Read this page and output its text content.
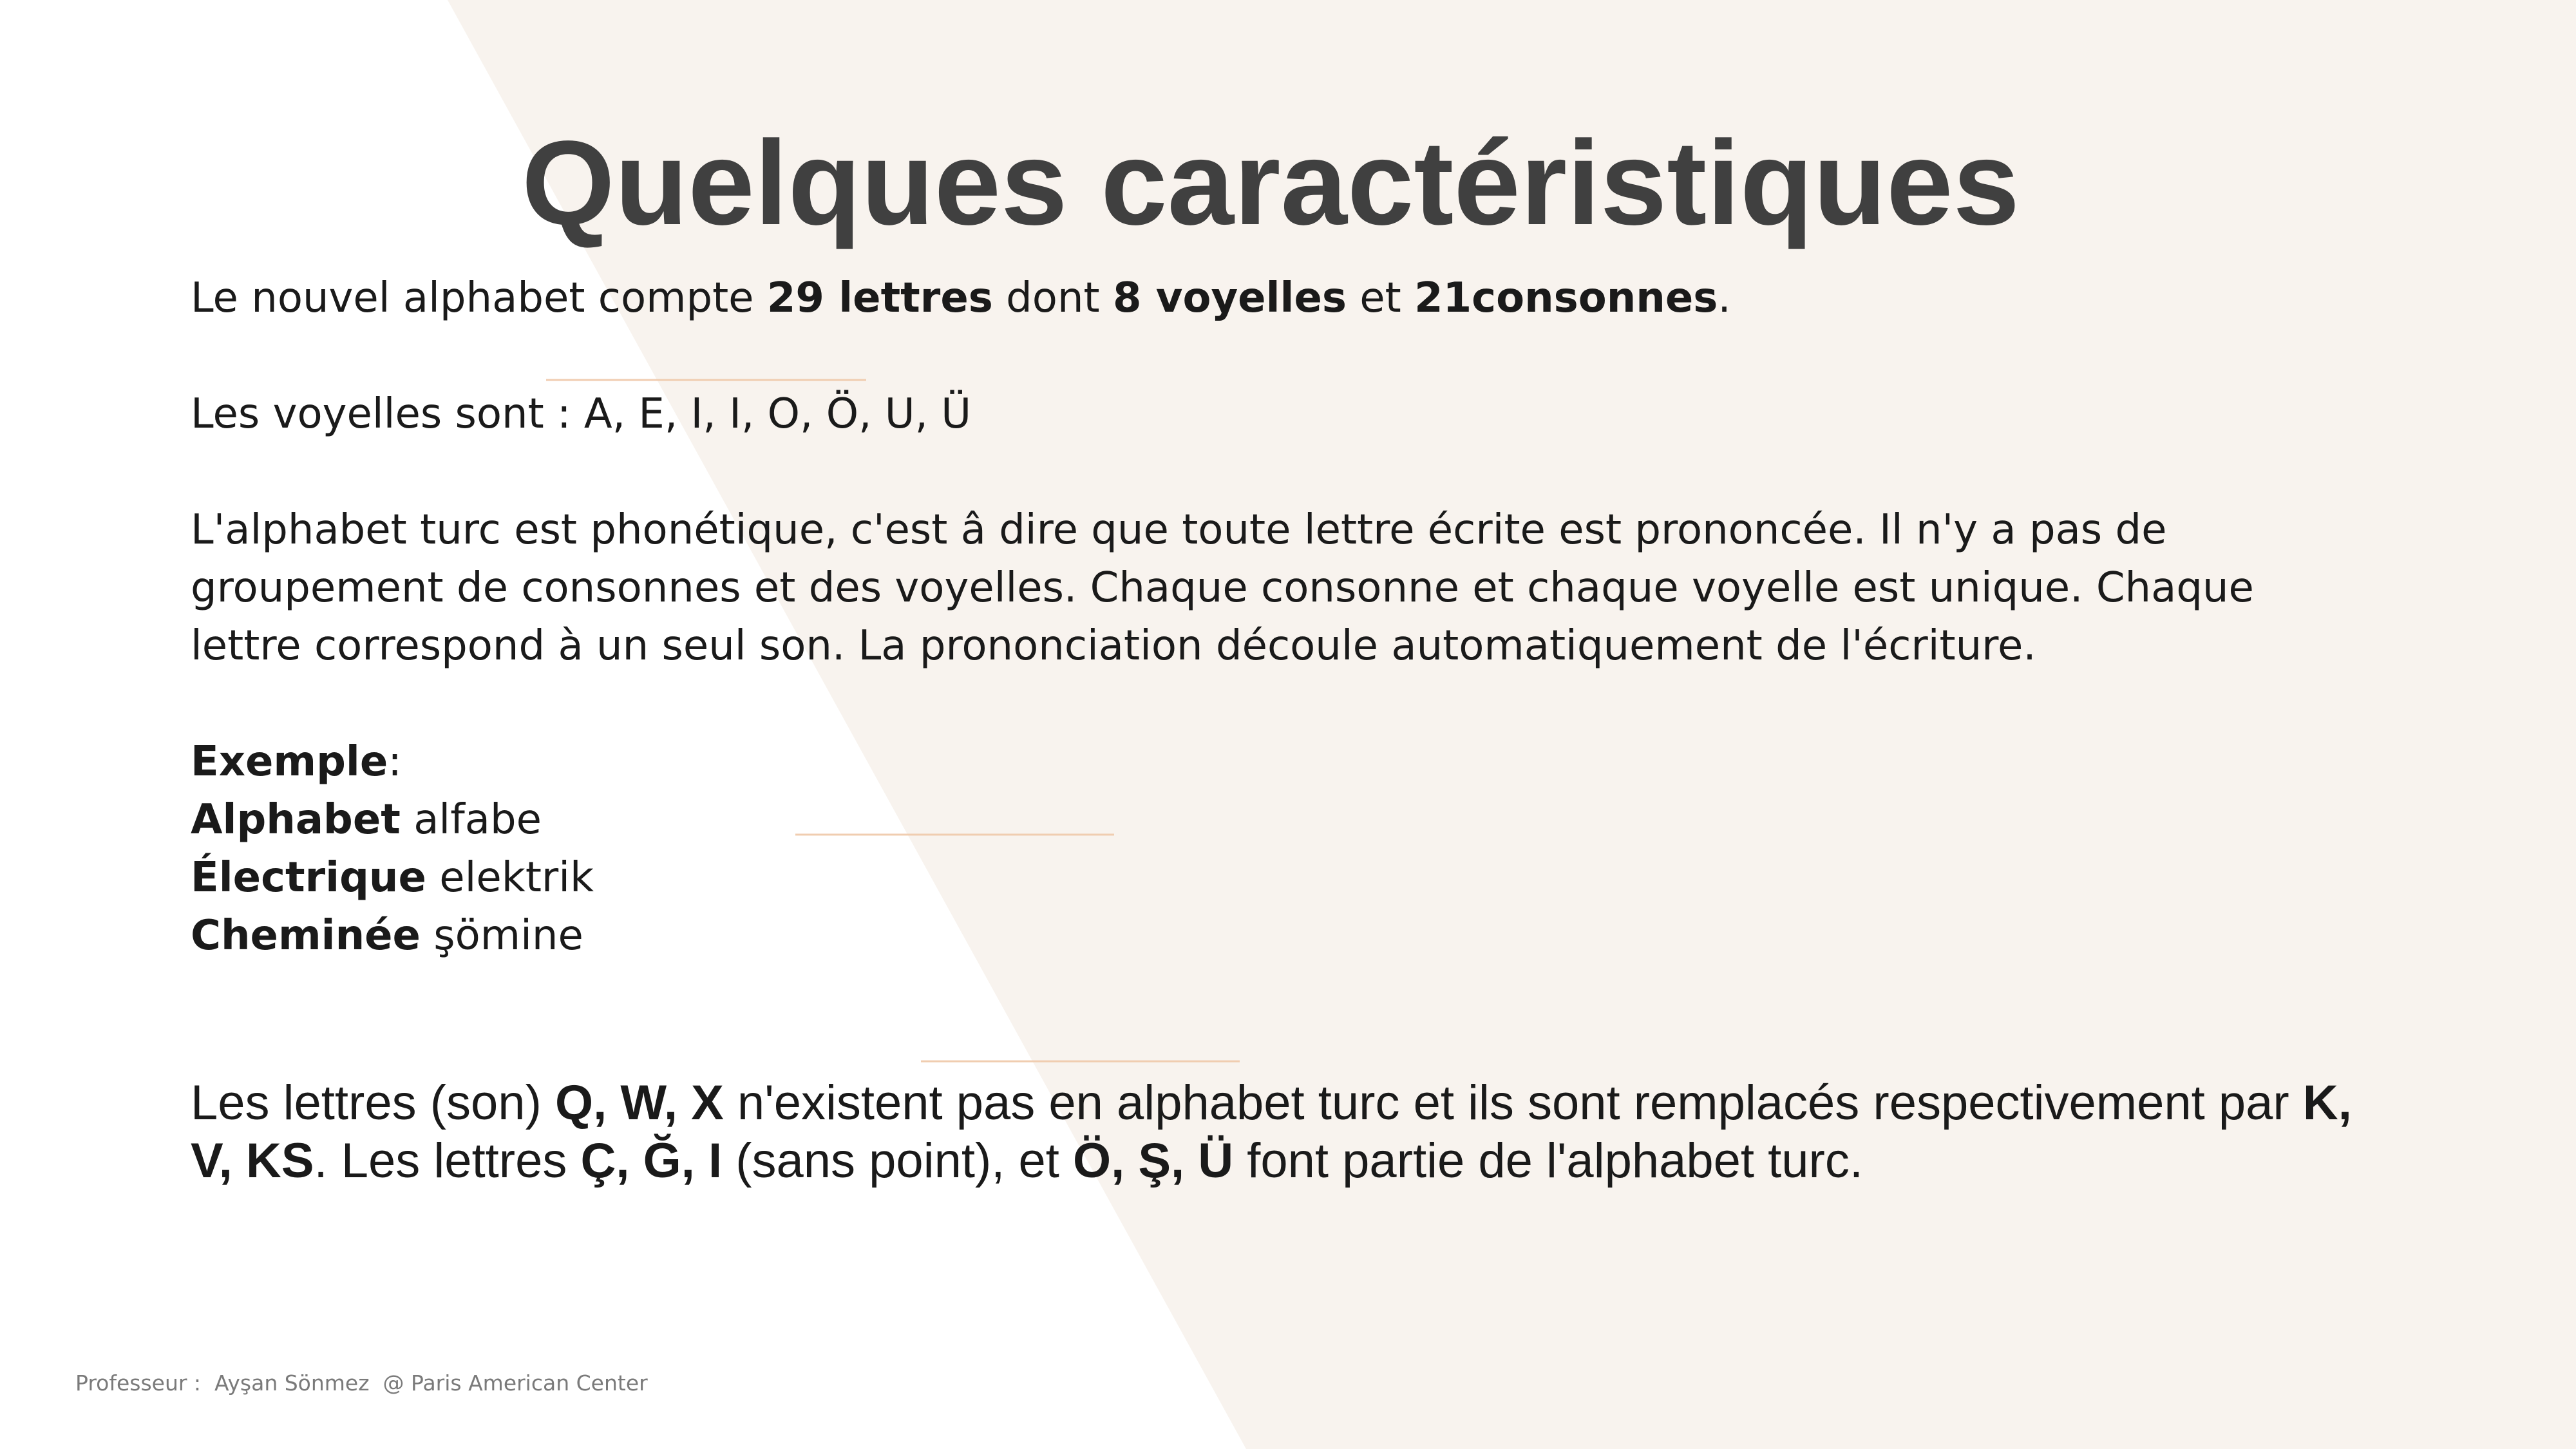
Quelques caractéristiques

Le nouvel alphabet compte 29 lettres dont 8 voyelles et 21consonnes.

Les voyelles sont : A, E, I, I, O, Ö, U, Ü

L'alphabet turc est phonétique, c'est â dire que toute lettre écrite est prononcée. Il n'y a pas de groupement de consonnes et des voyelles. Chaque consonne et chaque voyelle est unique. Chaque lettre correspond à un seul son. La prononciation découle automatiquement de l'écriture.

Exemple:

Alphabet alfabe

Électrique elektrik

Cheminée şömine

Les lettres (son) Q, W, X n'existent pas en alphabet turc et ils sont remplacés respectivement par K, V, KS. Les lettres Ç, Ğ, I (sans point), et Ö, Ş, Ü font partie de l'alphabet turc.

Professeur : Ayşan Sönmez @ Paris American Center
